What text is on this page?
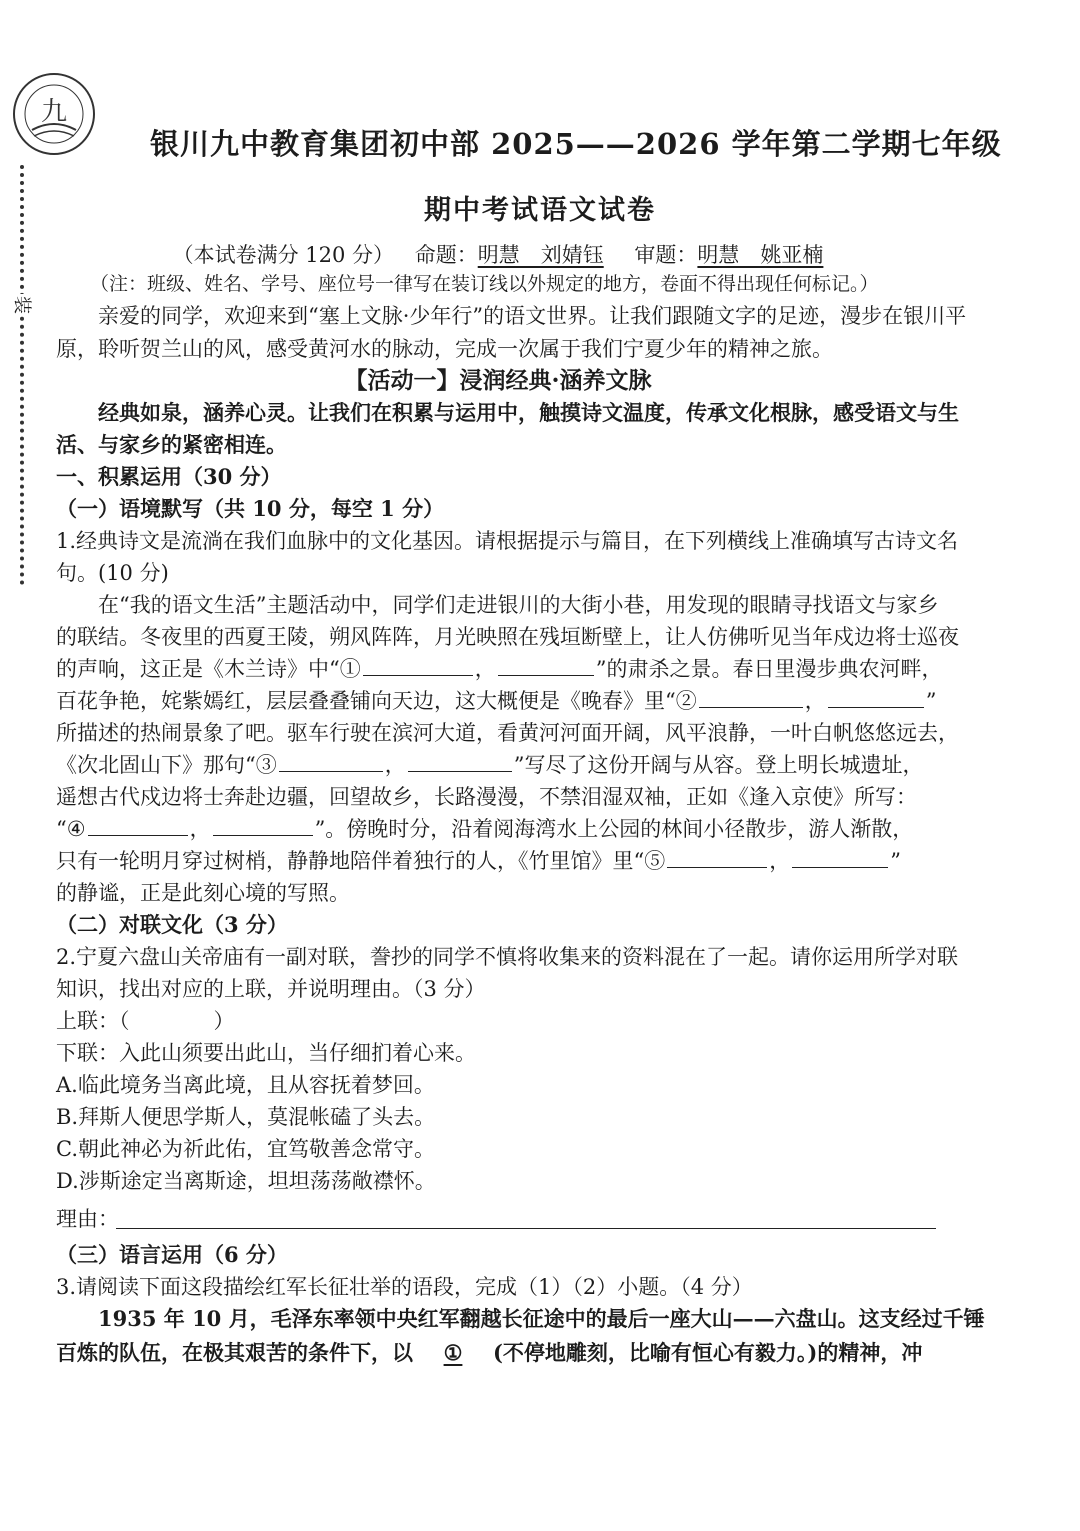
九
装
银川九中教育集团初中部 2025——2026 学年第二学期七年级
期中考试语文试卷
（本试卷满分 120 分） 命题：明慧　刘婧钰 审题：明慧　姚亚楠
（注：班级、姓名、学号、座位号一律写在装订线以外规定的地方，卷面不得出现任何标记。）
亲爱的同学，欢迎来到“塞上文脉·少年行”的语文世界。让我们跟随文字的足迹，漫步在银川平
原，聆听贺兰山的风，感受黄河水的脉动，完成一次属于我们宁夏少年的精神之旅。
【活动一】浸润经典·涵养文脉
经典如泉，涵养心灵。让我们在积累与运用中，触摸诗文温度，传承文化根脉，感受语文与生
活、与家乡的紧密相连。
一、积累运用（30 分）
（一）语境默写（共 10 分，每空 1 分）
1.经典诗文是流淌在我们血脉中的文化基因。请根据提示与篇目，在下列横线上准确填写古诗文名
句。(10 分)
在“我的语文生活”主题活动中，同学们走进银川的大街小巷，用发现的眼睛寻找语文与家乡
的联结。冬夜里的西夏王陵，朔风阵阵，月光映照在残垣断壁上，让人仿佛听见当年戍边将士巡夜
的声响，这正是《木兰诗》中“①	，	”的肃杀之景。春日里漫步典农河畔，
百花争艳，姹紫嫣红，层层叠叠铺向天边，这大概便是《晚春》里“②	，	”
所描述的热闹景象了吧。驱车行驶在滨河大道，看黄河河面开阔，风平浪静，一叶白帆悠悠远去，
《次北固山下》那句“③	，	”写尽了这份开阔与从容。登上明长城遗址，
遥想古代戍边将士奔赴边疆，回望故乡，长路漫漫，不禁泪湿双袖，正如《逢入京使》所写：
“④	，	”。傍晚时分，沿着阅海湾水上公园的林间小径散步，游人渐散，
只有一轮明月穿过树梢，静静地陪伴着独行的人，《竹里馆》里“⑤	，	”
的静谧，正是此刻心境的写照。
（二）对联文化（3 分）
2.宁夏六盘山关帝庙有一副对联，誊抄的同学不慎将收集来的资料混在了一起。请你运用所学对联
知识，找出对应的上联，并说明理由。（3 分）
上联：（　　　　）
下联：入此山须要出此山，当仔细扪着心来。
A.临此境务当离此境，且从容抚着梦回。
B.拜斯人便思学斯人，莫混帐磕了头去。
C.朝此神必为祈此佑，宜笃敬善念常守。
D.涉斯途定当离斯途，坦坦荡荡敞襟怀。
理由：
（三）语言运用（6 分）
3.请阅读下面这段描绘红军长征壮举的语段，完成（1）（2）小题。（4 分）
1935 年 10 月，毛泽东率领中央红军翻越长征途中的最后一座大山——六盘山。这支经过千锤
百炼的队伍，在极其艰苦的条件下，以 ① (不停地雕刻，比喻有恒心有毅力。)的精神，冲
